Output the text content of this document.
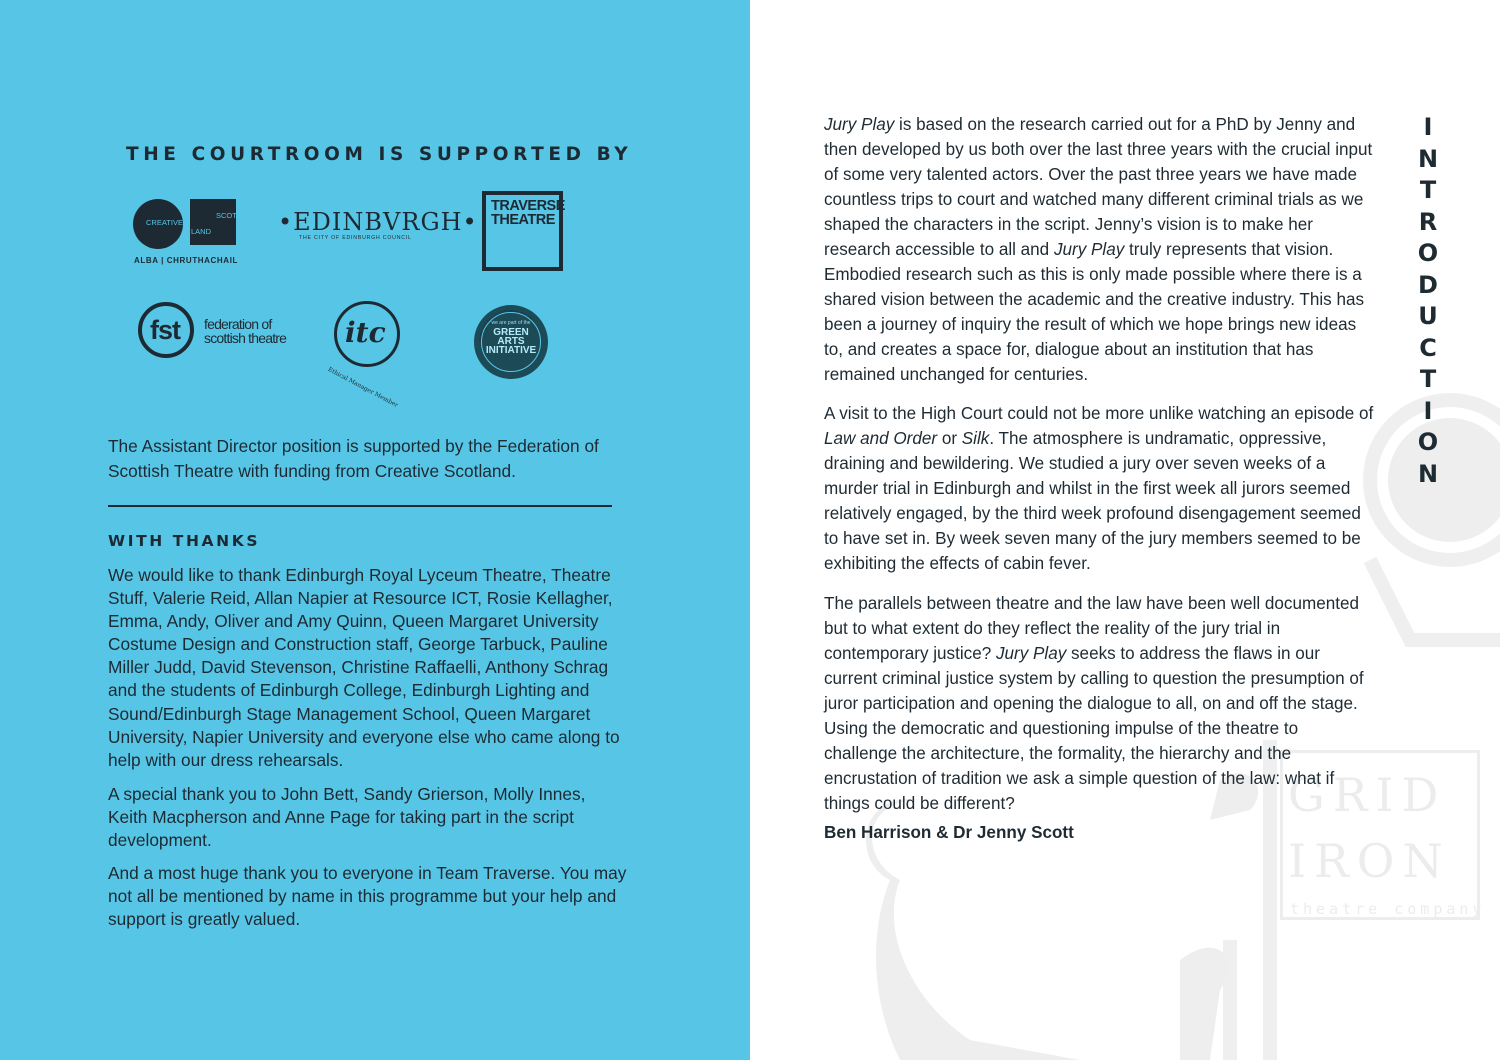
THE COURTROOM IS SUPPORTED BY
CREATIVE
SCOT
LAND
ALBA | CHRUTHACHAIL
•EDINBVRGH•
THE CITY OF EDINBURGH COUNCIL
TRAVERSE
THEATRE
fst federation of
scottish theatre itc
Ethical Manager Member
www.greenartsinitiative.co.uk
we are part of the
GREEN
ARTS
INITIATIVE
The Assistant Director position is supported by the Federation of Scottish Theatre with funding from Creative Scotland.
WITH THANKS

We would like to thank Edinburgh Royal Lyceum Theatre, Theatre Stuff, Valerie Reid, Allan Napier at Resource ICT, Rosie Kellagher, Emma, Andy, Oliver and Amy Quinn, Queen Margaret University Costume Design and Construction staff, George Tarbuck, Pauline Miller Judd, David Stevenson, Christine Raffaelli, Anthony Schrag and the students of Edinburgh College, Edinburgh Lighting and Sound/Edinburgh Stage Management School, Queen Margaret University, Napier University and everyone else who came along to help with our dress rehearsals.

A special thank you to John Bett, Sandy Grierson, Molly Innes, Keith Macpherson and Anne Page for taking part in the script development.

And a most huge thank you to everyone in Team Traverse. You may not all be mentioned by name in this programme but your help and support is greatly valued.

GRID
IRON
theatre company

Jury Play is based on the research carried out for a PhD by Jenny and then developed by us both over the last three years with the crucial input of some very talented actors. Over the past three years we have made countless trips to court and watched many different criminal trials as we shaped the characters in the script. Jenny’s vision is to make her research accessible to all and Jury Play truly represents that vision. Embodied research such as this is only made possible where there is a shared vision between the academic and the creative industry. This has been a journey of inquiry the result of which we hope brings new ideas to, and creates a space for, dialogue about an institution that has remained unchanged for centuries.

A visit to the High Court could not be more unlike watching an episode of Law and Order or Silk. The atmosphere is undramatic, oppressive, draining and bewildering. We studied a jury over seven weeks of a murder trial in Edinburgh and whilst in the first week all jurors seemed relatively engaged, by the third week profound disengagement seemed to have set in. By week seven many of the jury members seemed to be exhibiting the effects of cabin fever.

The parallels between theatre and the law have been well documented but to what extent do they reflect the reality of the jury trial in contemporary justice? Jury Play seeks to address the flaws in our current criminal justice system by calling to question the presumption of juror participation and opening the dialogue to all, on and off the stage. Using the democratic and questioning impulse of the theatre to challenge the architecture, the formality, the hierarchy and the encrustation of tradition we ask a simple question of the law: what if things could be different?

Ben Harrison & Dr Jenny Scott
I
N
T
R
O
D
U
C
T
I
O
N
